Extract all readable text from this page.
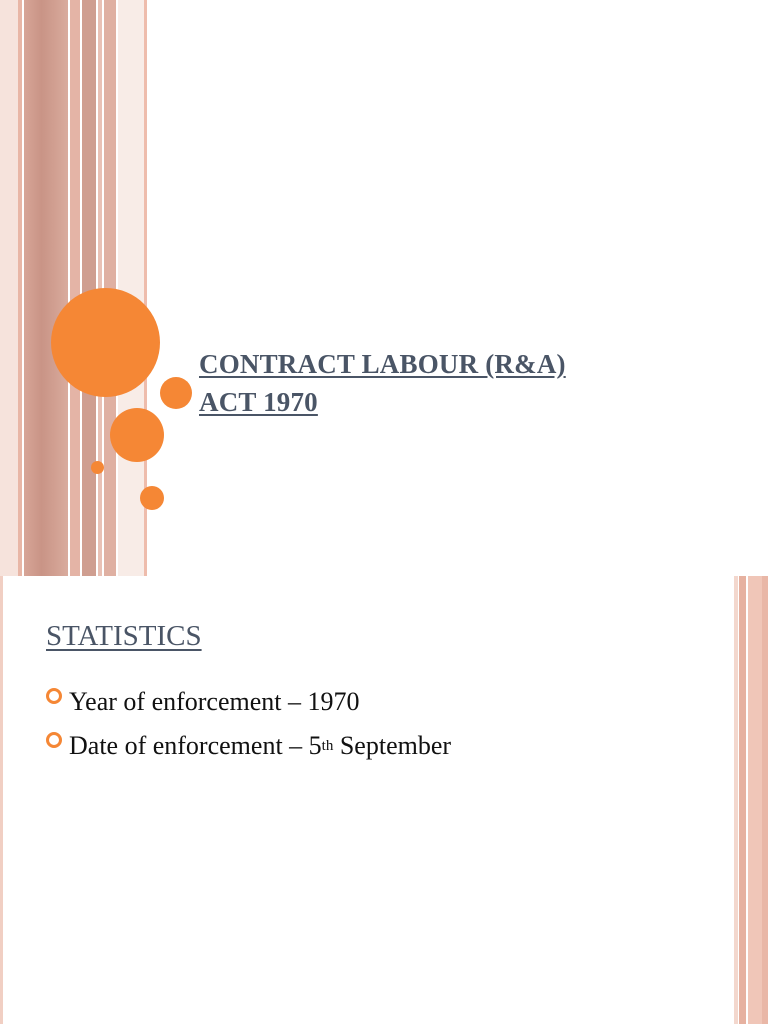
CONTRACT LABOUR (R&A)
ACT 1970
STATISTICS
Year of enforcement – 1970
Date of enforcement – 5 th September
